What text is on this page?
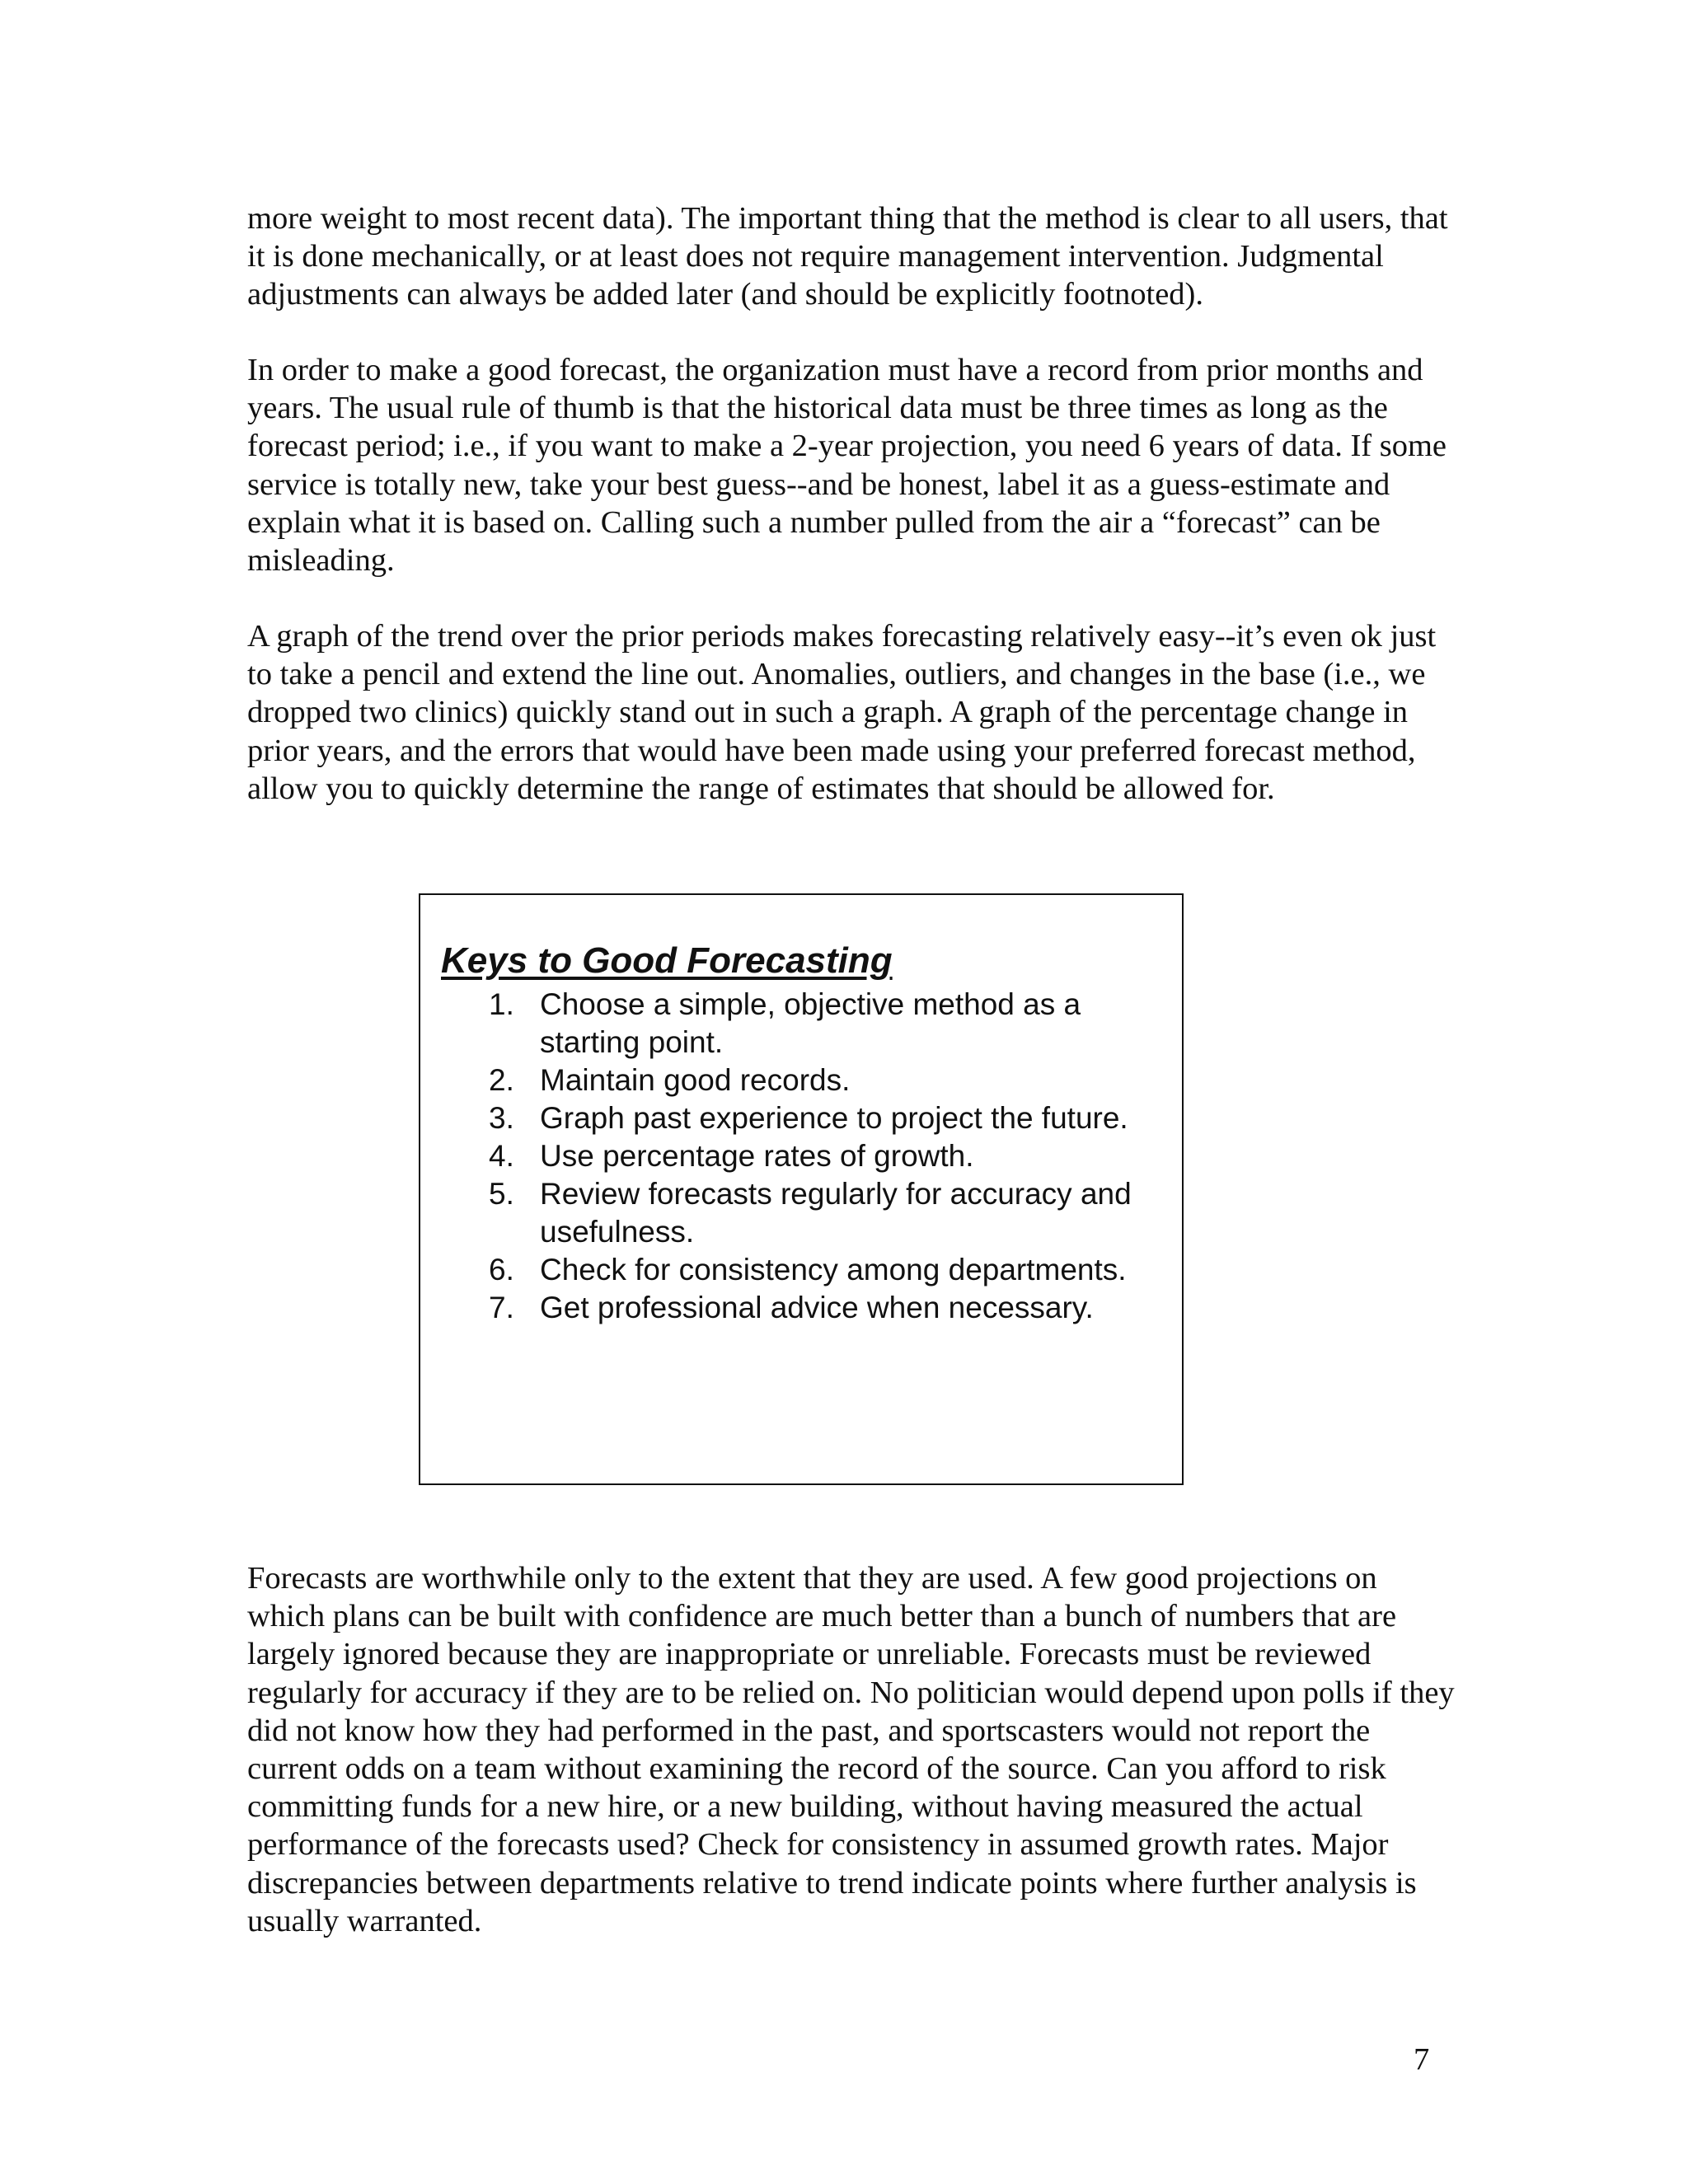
more weight to most recent data). The important thing that the method is clear to all users, that it is done mechanically, or at least does not require management intervention. Judgmental adjustments can always be added later (and should be explicitly footnoted).

In order to make a good forecast, the organization must have a record from prior months and years. The usual rule of thumb is that the historical data must be three times as long as the forecast period; i.e., if you want to make a 2-year projection, you need 6 years of data. If some service is totally new, take your best guess--and be honest, label it as a guess-estimate and explain what it is based on. Calling such a number pulled from the air a “forecast” can be misleading.

A graph of the trend over the prior periods makes forecasting relatively easy--it’s even ok just to take a pencil and extend the line out. Anomalies, outliers, and changes in the base (i.e., we dropped two clinics) quickly stand out in such a graph. A graph of the percentage change in prior years, and the errors that would have been made using your preferred forecast method, allow you to quickly determine the range of estimates that should be allowed for.

Keys to Good Forecasting
1. Choose a simple, objective method as a starting point.
2. Maintain good records.
3. Graph past experience to project the future.
4. Use percentage rates of growth.
5. Review forecasts regularly for accuracy and usefulness.
6. Check for consistency among departments.
7. Get professional advice when necessary.

Forecasts are worthwhile only to the extent that they are used. A few good projections on which plans can be built with confidence are much better than a bunch of numbers that are largely ignored because they are inappropriate or unreliable. Forecasts must be reviewed regularly for accuracy if they are to be relied on. No politician would depend upon polls if they did not know how they had performed in the past, and sportscasters would not report the current odds on a team without examining the record of the source. Can you afford to risk committing funds for a new hire, or a new building, without having measured the actual performance of the forecasts used? Check for consistency in assumed growth rates. Major discrepancies between departments relative to trend indicate points where further analysis is usually warranted.

7
